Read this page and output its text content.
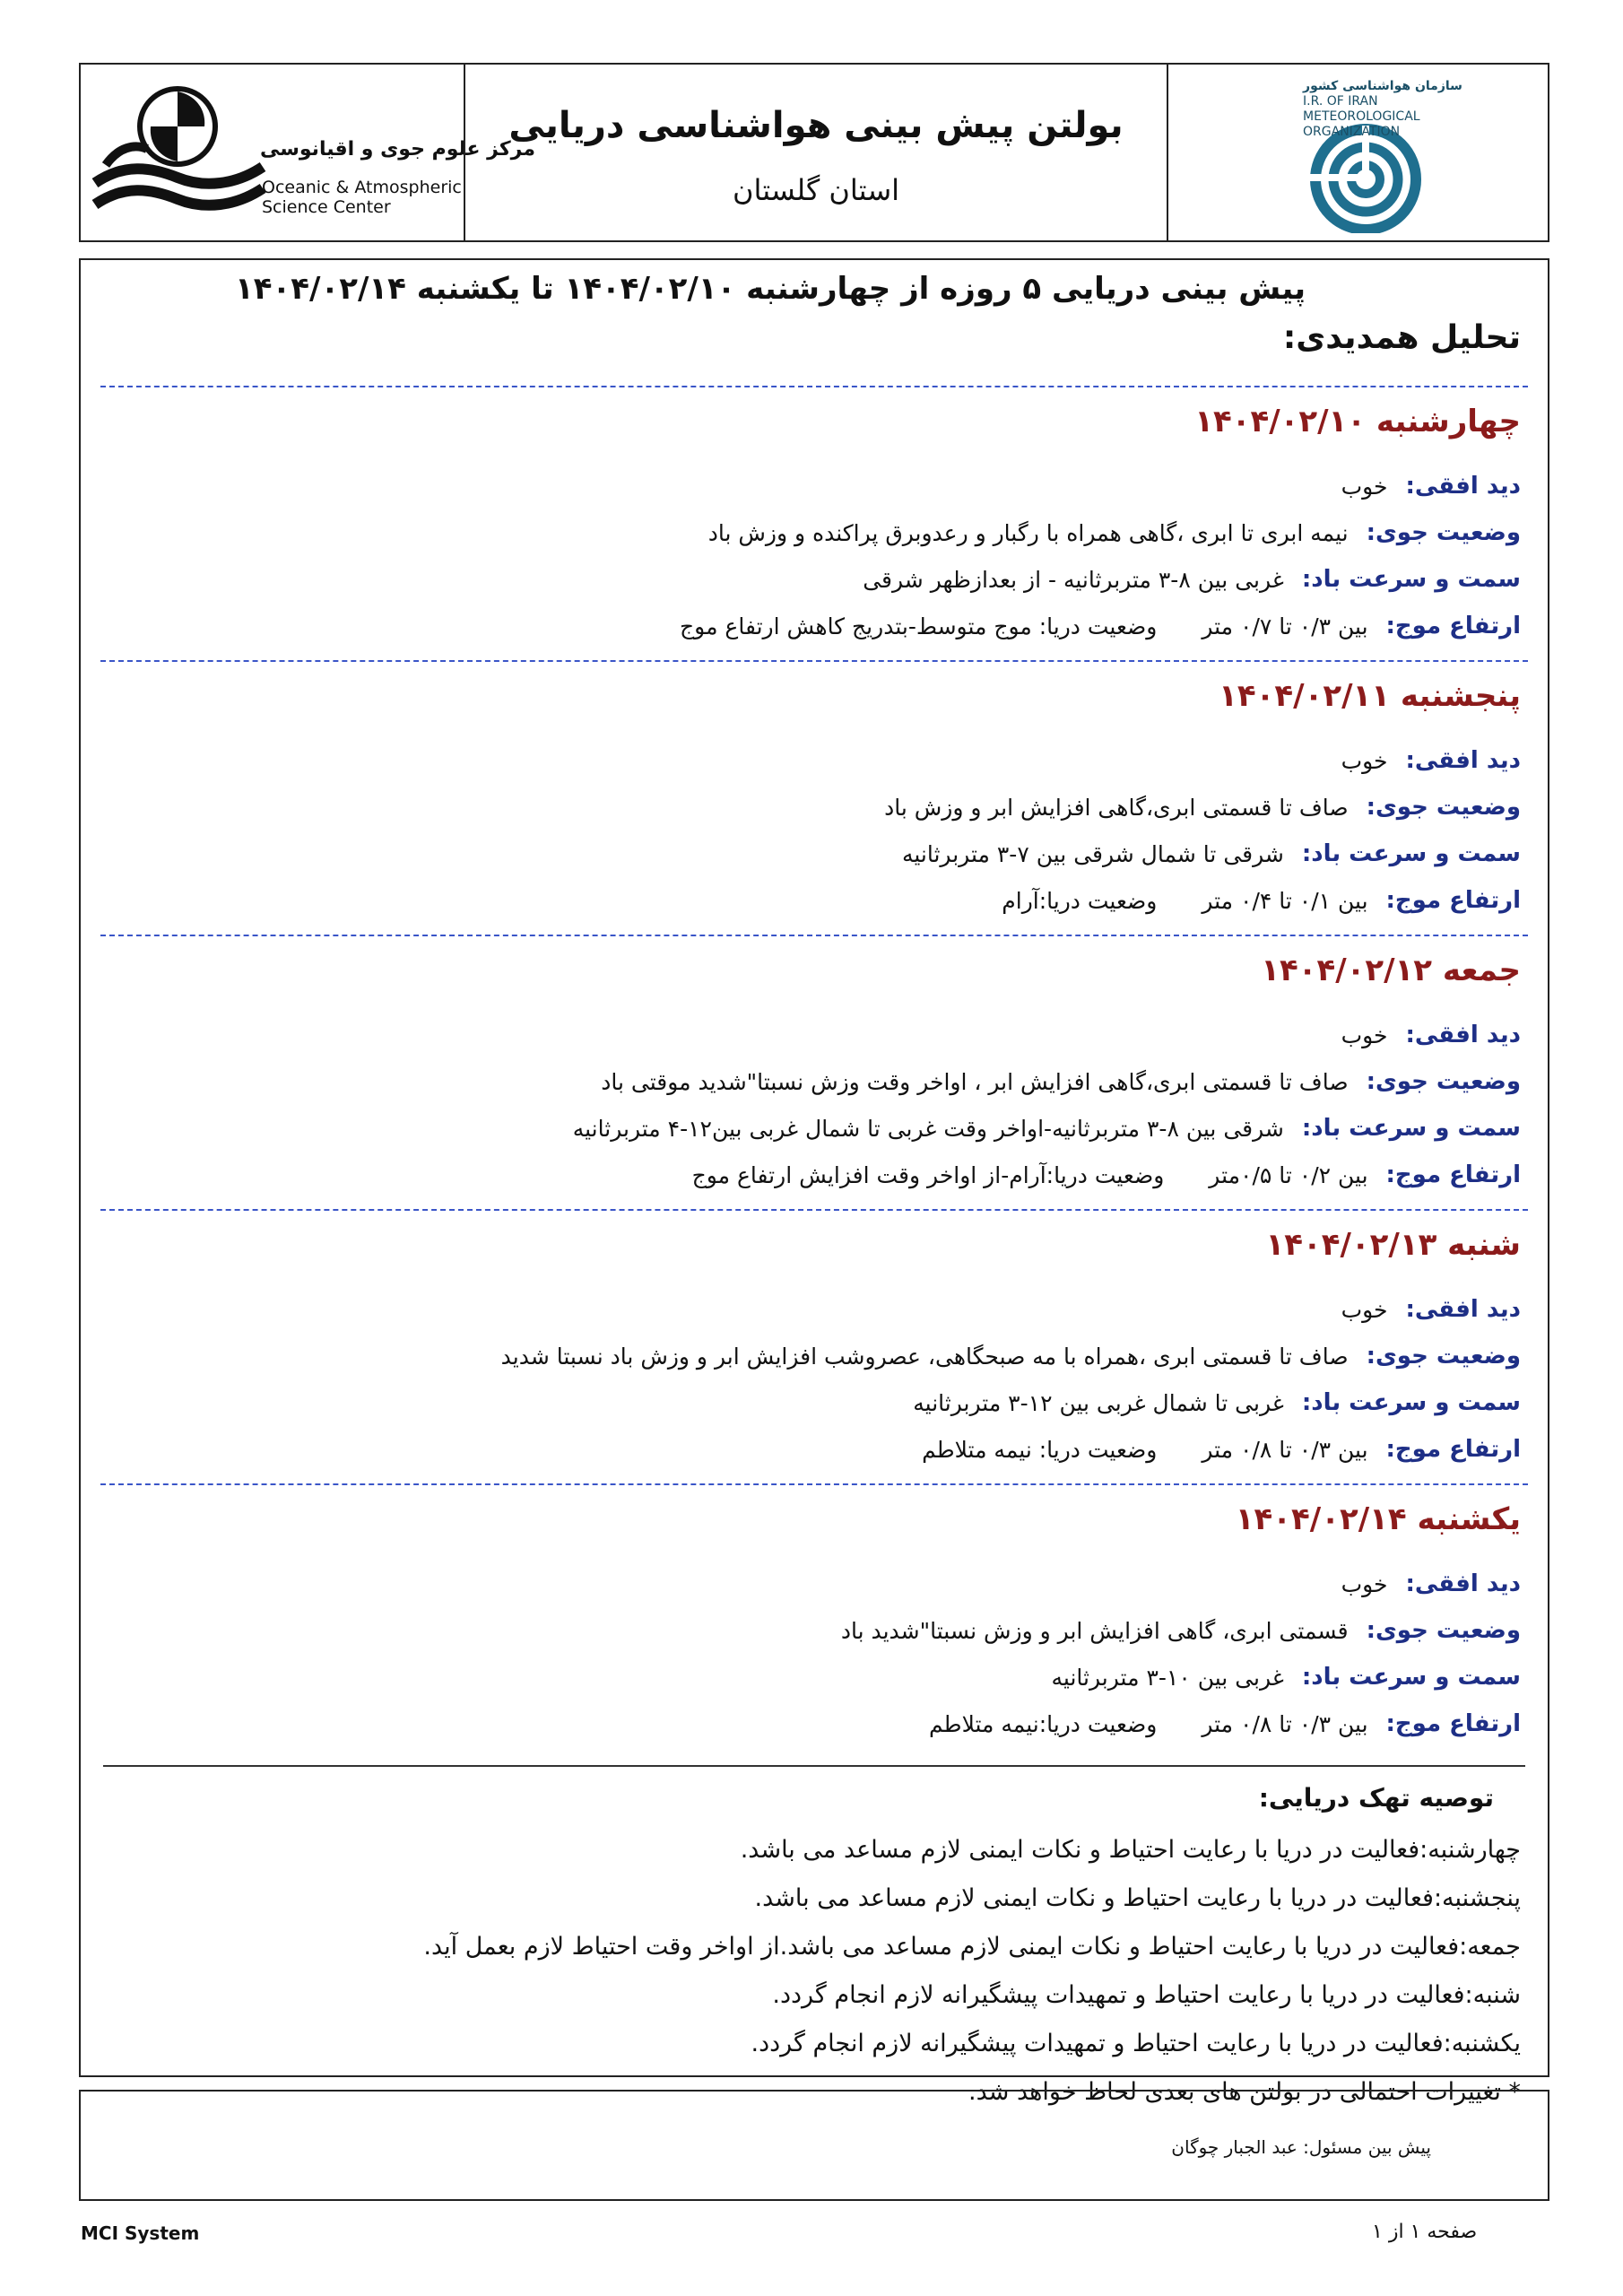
مرکز علوم جوی و اقیانوسی
Oceanic & Atmospheric
Science Center
بولتن پیش بینی هواشناسی دریایی
استان گلستان
سازمان هواشناسی کشور
I.R. OF IRAN
METEOROLOGICAL
ORGANIZATION
پیش بینی دریایی ۵ روزه از چهارشنبه ۱۴۰۴/۰۲/۱۰ تا یکشنبه ۱۴۰۴/۰۲/۱۴
تحلیل همدیدی:
چهارشنبه ۱۴۰۴/۰۲/۱۰
دید افقی:
خوب
وضعیت جوی:
نیمه ابری تا ابری ،گاهی همراه با رگبار و رعدوبرق پراکنده و وزش باد
سمت و سرعت باد:
غربی بین ۸-۳ متربرثانیه - از بعدازظهر شرقی
ارتفاع موج:
بین ۰/۳ تا ۰/۷ متر
وضعیت دریا: موج متوسط-بتدریج کاهش ارتفاع موج
پنجشنبه ۱۴۰۴/۰۲/۱۱
دید افقی:
خوب
وضعیت جوی:
صاف تا قسمتی ابری،گاهی افزایش ابر و وزش باد
سمت و سرعت باد:
شرقی تا شمال شرقی بین ۷-۳ متربرثانیه
ارتفاع موج:
بین ۰/۱ تا ۰/۴ متر
وضعیت دریا:آرام
جمعه ۱۴۰۴/۰۲/۱۲
دید افقی:
خوب
وضعیت جوی:
صاف تا قسمتی ابری،گاهی افزایش ابر ، اواخر وقت وزش نسبتا"شدید موقتی باد
سمت و سرعت باد:
شرقی بین ۸-۳ متربرثانیه-اواخر وقت غربی تا شمال غربی بین۱۲-۴ متربرثانیه
ارتفاع موج:
بین ۰/۲ تا ۰/۵متر
وضعیت دریا:آرام-از اواخر وقت افزایش ارتفاع موج
شنبه ۱۴۰۴/۰۲/۱۳
دید افقی:
خوب
وضعیت جوی:
صاف تا قسمتی ابری ،همراه با مه صبحگاهی، عصروشب افزایش ابر و وزش باد نسبتا شدید
سمت و سرعت باد:
غربی تا شمال غربی بین ۱۲-۳ متربرثانیه
ارتفاع موج:
بین ۰/۳ تا ۰/۸ متر
وضعیت دریا: نیمه متلاطم
یکشنبه ۱۴۰۴/۰۲/۱۴
دید افقی:
خوب
وضعیت جوی:
قسمتی ابری، گاهی افزایش ابر و وزش نسبتا"شدید باد
سمت و سرعت باد:
غربی بین ۱۰-۳ متربرثانیه
ارتفاع موج:
بین ۰/۳ تا ۰/۸ متر
وضعیت دریا:نیمه متلاطم
توصیه تهک دریایی:
چهارشنبه:فعالیت در دریا با رعایت احتیاط و نکات ایمنی لازم مساعد می باشد.
پنجشنبه:فعالیت در دریا با رعایت احتیاط و نکات ایمنی لازم مساعد می باشد.
جمعه:فعالیت در دریا با رعایت احتیاط و نکات ایمنی لازم مساعد می باشد.از اواخر وقت احتیاط لازم بعمل آید.
شنبه:فعالیت در دریا با رعایت احتیاط و تمهیدات پیشگیرانه لازم انجام گردد.
یکشنبه:فعالیت در دریا با رعایت احتیاط و تمهیدات پیشگیرانه لازم انجام گردد.
* تغییرات احتمالی در بولتن های بعدی لحاظ خواهد شد.
پیش بین مسئول: عبد الجبار چوگان
MCI System	صفحه ۱ از ۱
